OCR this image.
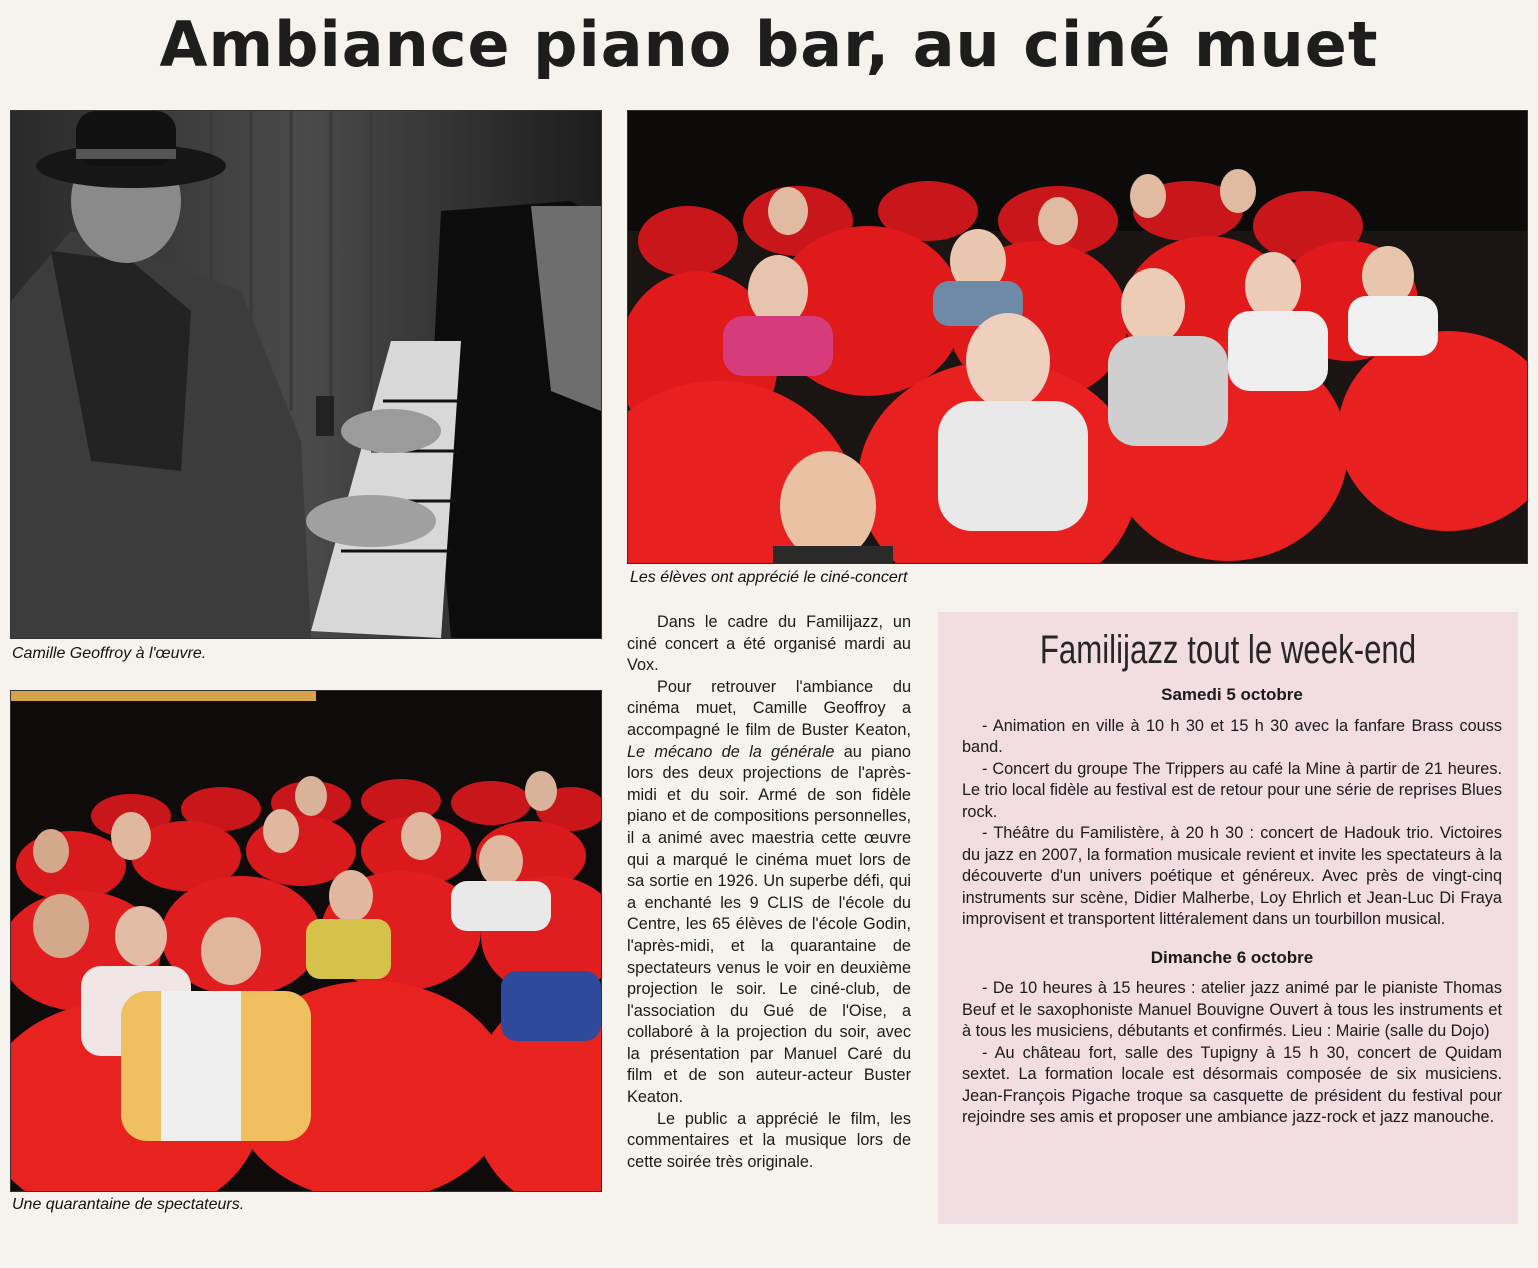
Ambiance piano bar, au ciné muet
Camille Geoffroy à l'œuvre.
Les élèves ont apprécié le ciné-concert
Une quarantaine de spectateurs.

Dans le cadre du Familijazz, un ciné concert a été organisé mardi au Vox.

Pour retrouver l'ambiance du cinéma muet, Camille Geoffroy a accompagné le film de Buster Keaton, Le mécano de la générale au piano lors des deux projections de l'après-midi et du soir. Armé de son fidèle piano et de compositions personnelles, il a animé avec maestria cette œuvre qui a marqué le cinéma muet lors de sa sortie en 1926. Un superbe défi, qui a enchanté les 9 CLIS de l'école du Centre, les 65 élèves de l'école Godin, l'après-midi, et la quarantaine de spectateurs venus le voir en deuxième projection le soir. Le ciné-club, de l'association du Gué de l'Oise, a collaboré à la projection du soir, avec la présentation par Manuel Caré du film et de son auteur-acteur Buster Keaton.

Le public a apprécié le film, les commentaires et la musique lors de cette soirée très originale.

Familijazz tout le week-end
Samedi 5 octobre

- Animation en ville à 10 h 30 et 15 h 30 avec la fanfare Brass couss band.

- Concert du groupe The Trippers au café la Mine à partir de 21 heures. Le trio local fidèle au festival est de retour pour une série de reprises Blues rock.

- Théâtre du Familistère, à 20 h 30 : concert de Hadouk trio. Victoires du jazz en 2007, la formation musicale revient et invite les spectateurs à la découverte d'un univers poétique et généreux. Avec près de vingt-cinq instruments sur scène, Didier Malherbe, Loy Ehrlich et Jean-Luc Di Fraya improvisent et transportent littéralement dans un tourbillon musical.

Dimanche 6 octobre

- De 10 heures à 15 heures : atelier jazz animé par le pianiste Thomas Beuf et le saxophoniste Manuel Bouvigne Ouvert à tous les instruments et à tous les musiciens, débutants et confirmés. Lieu : Mairie (salle du Dojo)

- Au château fort, salle des Tupigny à 15 h 30, concert de Quidam sextet. La formation locale est désormais composée de six musiciens. Jean-François Pigache troque sa casquette de président du festival pour rejoindre ses amis et proposer une ambiance jazz-rock et jazz manouche.
